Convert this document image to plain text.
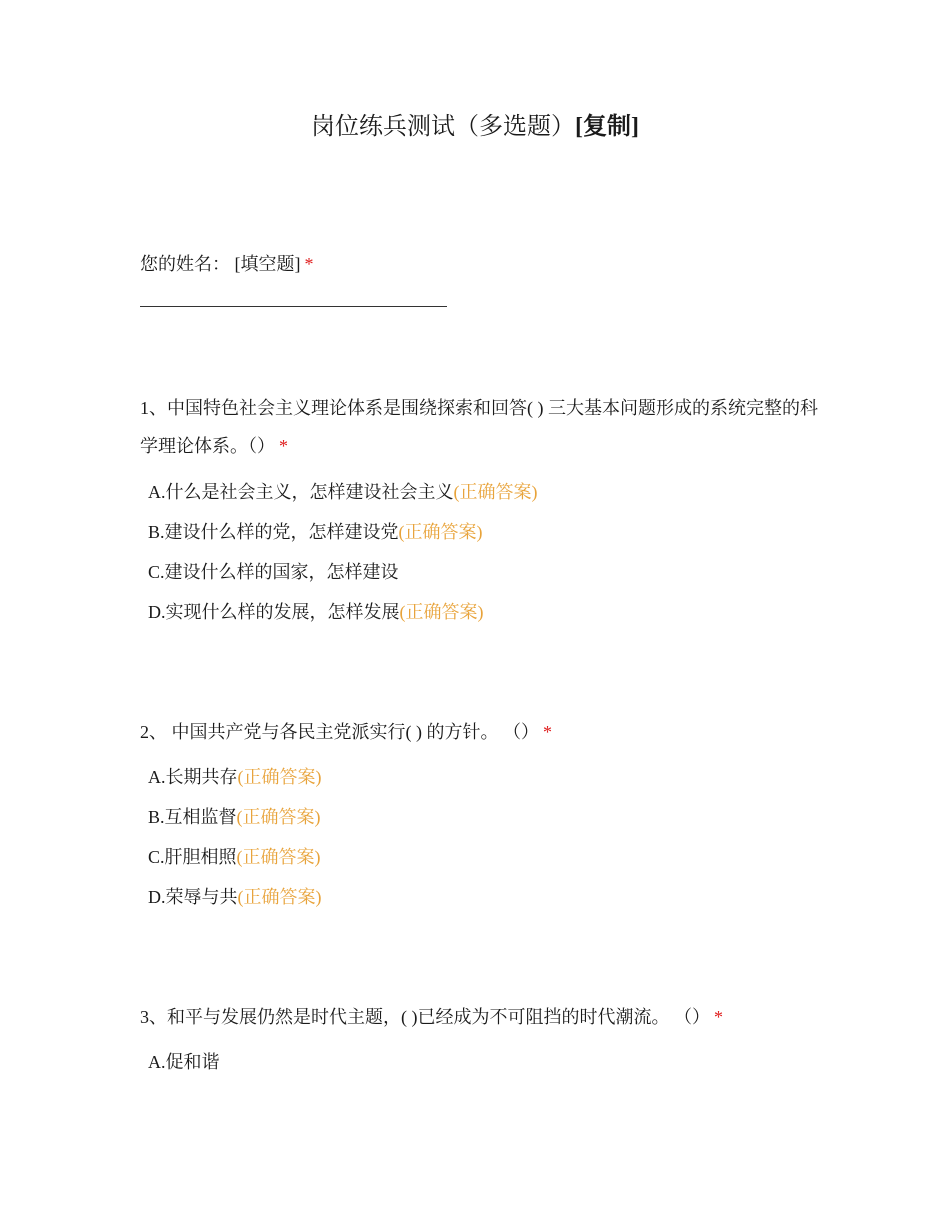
岗位练兵测试（多选题）[复制]
您的姓名： [填空题] *
1、中国特色社会主义理论体系是围绕探索和回答( ) 三大基本问题形成的系统完整的科学理论体系。（） *
A.什么是社会主义，怎样建设社会主义(正确答案)
B.建设什么样的党，怎样建设党(正确答案)
C.建设什么样的国家，怎样建设
D.实现什么样的发展，怎样发展(正确答案)
2、 中国共产党与各民主党派实行( ) 的方针。 （） *
A.长期共存(正确答案)
B.互相监督(正确答案)
C.肝胆相照(正确答案)
D.荣辱与共(正确答案)
3、和平与发展仍然是时代主题，( )已经成为不可阻挡的时代潮流。 （） *
A.促和谐
